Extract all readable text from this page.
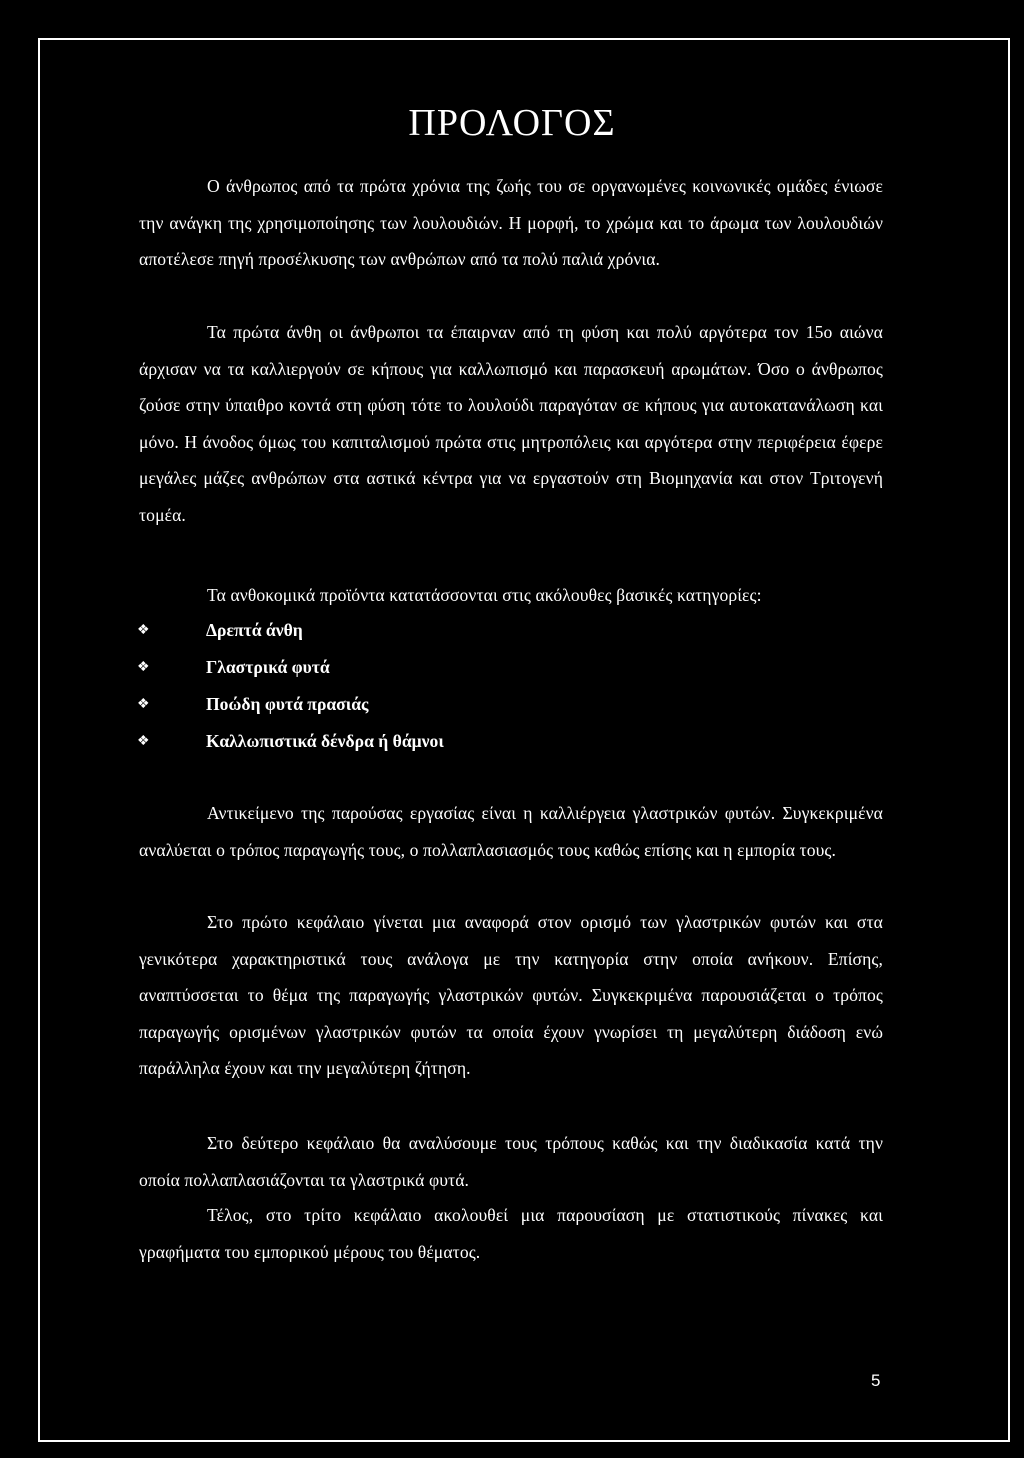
ΠΡΟΛΟΓΟΣ

Ο άνθρωπος από τα πρώτα χρόνια της ζωής του σε οργανωμένες κοινωνικές ομάδες ένιωσε την ανάγκη της χρησιμοποίησης των λουλουδιών. Η μορφή, το χρώμα και το άρωμα των λουλουδιών αποτέλεσε πηγή προσέλκυσης των ανθρώπων από τα πολύ παλιά χρόνια.

Τα πρώτα άνθη οι άνθρωποι τα έπαιρναν από τη φύση και πολύ αργότερα τον 15ο αιώνα άρχισαν να τα καλλιεργούν σε κήπους για καλλωπισμό και παρασκευή αρωμάτων. Όσο ο άνθρωπος ζούσε στην ύπαιθρο κοντά στη φύση τότε το λουλούδι παραγόταν σε κήπους για αυτοκατανάλωση και μόνο. Η άνοδος όμως του καπιταλισμού πρώτα στις μητροπόλεις και αργότερα στην περιφέρεια έφερε μεγάλες μάζες ανθρώπων στα αστικά κέντρα για να εργαστούν στη Βιομηχανία και στον Τριτογενή τομέα.

Τα ανθοκομικά προϊόντα κατατάσσονται στις ακόλουθες βασικές κατηγορίες:

❖	Δρεπτά άνθη
❖	Γλαστρικά φυτά
❖	Ποώδη φυτά πρασιάς
❖	Καλλωπιστικά δένδρα ή θάμνοι

Αντικείμενο της παρούσας εργασίας είναι η καλλιέργεια γλαστρικών φυτών. Συγκεκριμένα αναλύεται ο τρόπος παραγωγής τους, ο πολλαπλασιασμός τους καθώς επίσης και η εμπορία τους.

Στο πρώτο κεφάλαιο γίνεται μια αναφορά στον ορισμό των γλαστρικών φυτών και στα γενικότερα χαρακτηριστικά τους ανάλογα με την κατηγορία στην οποία ανήκουν. Επίσης, αναπτύσσεται το θέμα της παραγωγής γλαστρικών φυτών. Συγκεκριμένα παρουσιάζεται ο τρόπος παραγωγής ορισμένων γλαστρικών φυτών τα οποία έχουν γνωρίσει τη μεγαλύτερη διάδοση ενώ παράλληλα έχουν και την μεγαλύτερη ζήτηση.

Στο δεύτερο κεφάλαιο θα αναλύσουμε τους τρόπους καθώς και την διαδικασία κατά την οποία πολλαπλασιάζονται τα γλαστρικά φυτά.

Τέλος, στο τρίτο κεφάλαιο ακολουθεί μια παρουσίαση με στατιστικούς πίνακες και γραφήματα του εμπορικού μέρους του θέματος.

5
